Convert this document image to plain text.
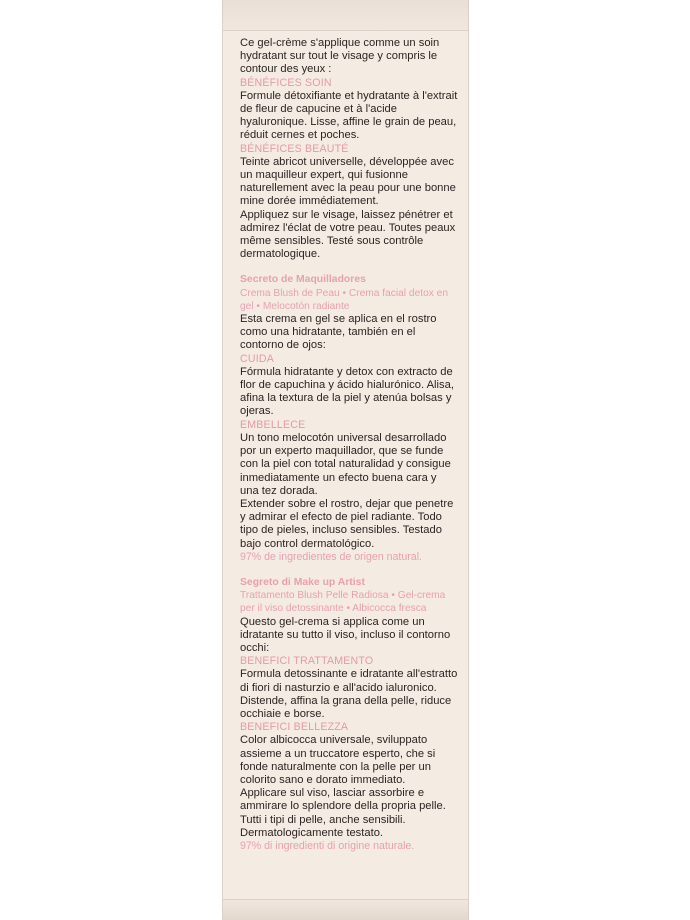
Ce gel-crème s'applique comme un soin hydratant sur tout le visage y compris le contour des yeux :
BÉNÉFICES SOIN
Formule détoxifiante et hydratante à l'extrait de fleur de capucine et à l'acide hyaluronique. Lisse, affine le grain de peau, réduit cernes et poches.
BÉNÉFICES BEAUTÉ
Teinte abricot universelle, développée avec un maquilleur expert, qui fusionne naturellement avec la peau pour une bonne mine dorée immédiatement.
Appliquez sur le visage, laissez pénétrer et admirez l'éclat de votre peau. Toutes peaux même sensibles. Testé sous contrôle dermatologique.
Secreto de Maquilladores
Crema Blush de Peau • Crema facial detox en gel • Melocotón radiante
Esta crema en gel se aplica en el rostro como una hidratante, también en el contorno de ojos:
CUIDA
Fórmula hidratante y detox con extracto de flor de capuchina y ácido hialurónico. Alisa, afina la textura de la piel y atenúa bolsas y ojeras.
EMBELLECE
Un tono melocotón universal desarrollado por un experto maquillador, que se funde con la piel con total naturalidad y consigue inmediatamente un efecto buena cara y una tez dorada.
Extender sobre el rostro, dejar que penetre y admirar el efecto de piel radiante. Todo tipo de pieles, incluso sensibles. Testado bajo control dermatológico.
97% de ingredientes de origen natural.
Segreto di Make up Artist
Trattamento Blush Pelle Radiosa • Gel-crema per il viso detossinante • Albicocca fresca
Questo gel-crema si applica come un idratante su tutto il viso, incluso il contorno occhi:
BENEFICI TRATTAMENTO
Formula detossinante e idratante all'estratto di fiori di nasturzio e all'acido ialuronico. Distende, affina la grana della pelle, riduce occhiaie e borse.
BENEFICI BELLEZZA
Color albicocca universale, sviluppato assieme a un truccatore esperto, che si fonde naturalmente con la pelle per un colorito sano e dorato immediato.
Applicare sul viso, lasciar assorbire e ammirare lo splendore della propria pelle. Tutti i tipi di pelle, anche sensibili. Dermatologicamente testato.
97% di ingredienti di origine naturale.
